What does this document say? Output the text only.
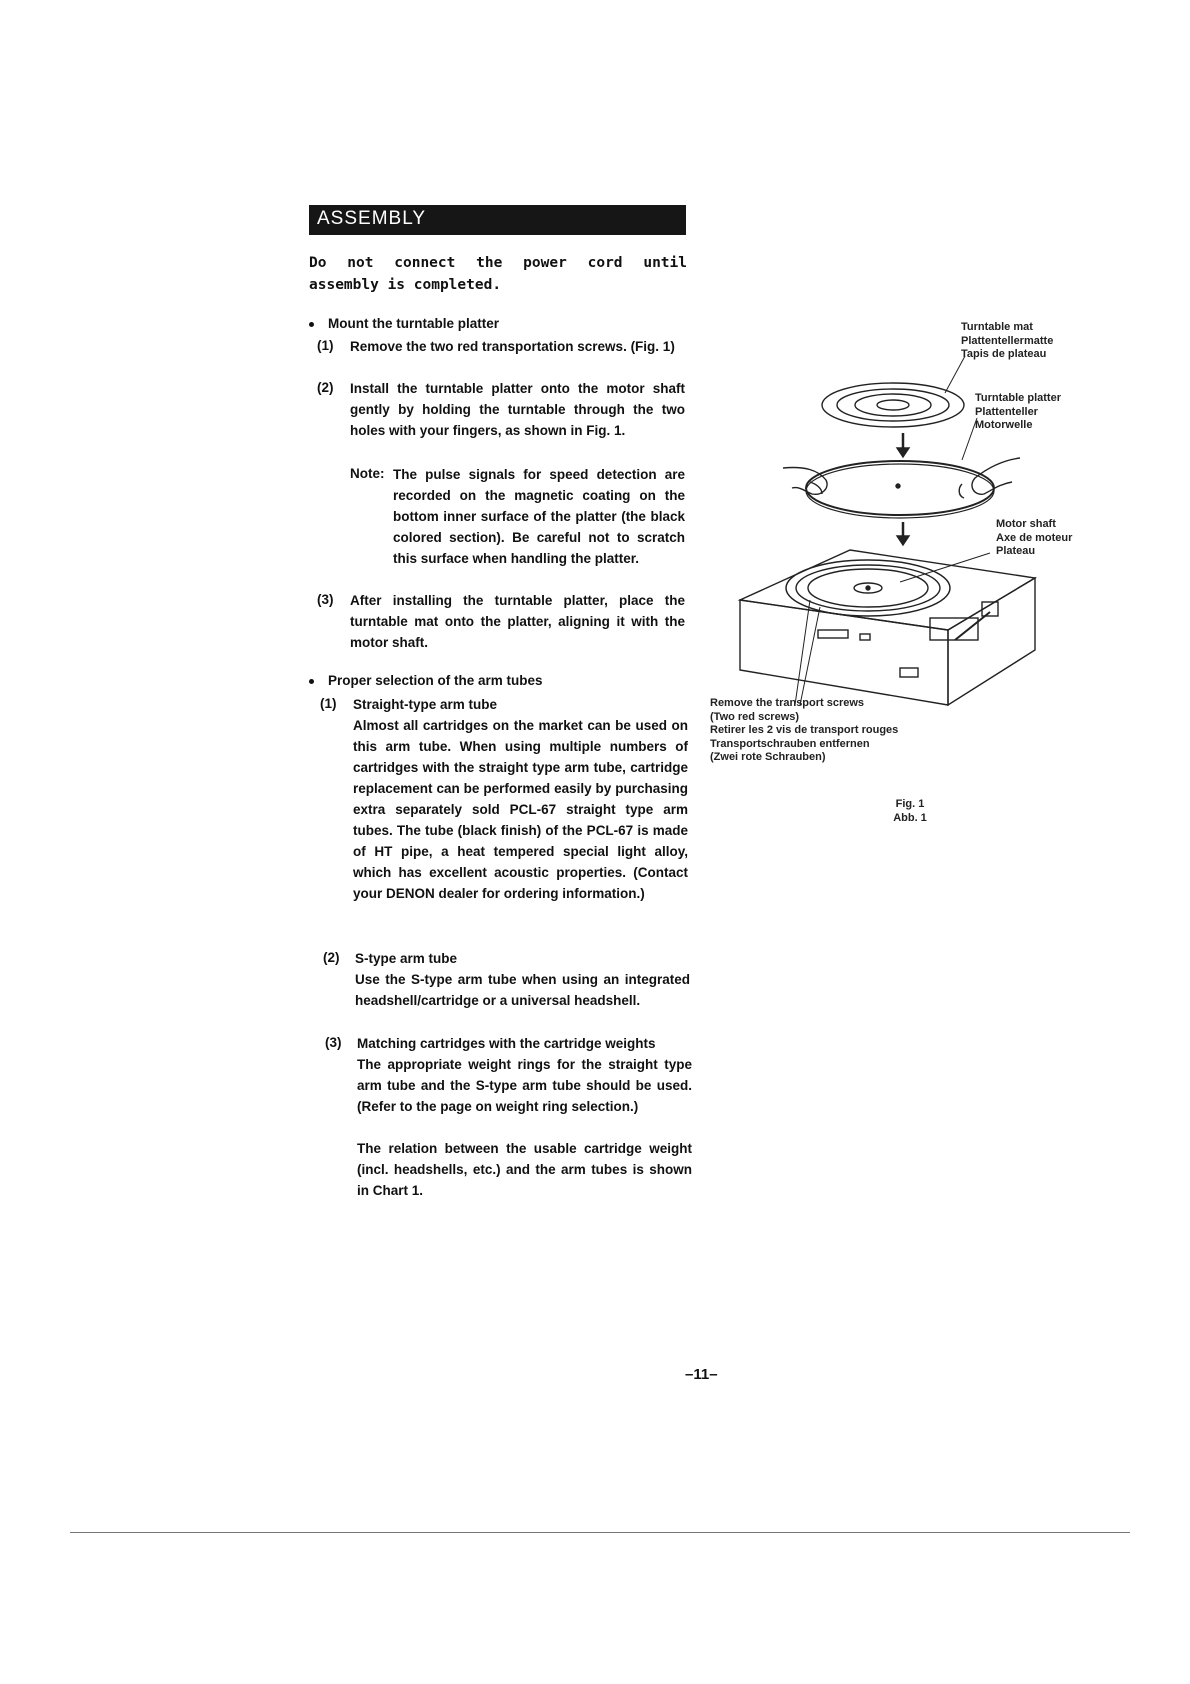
ASSEMBLY
Do not connect the power cord until assembly is completed.
Mount the turntable platter
(1) Remove the two red transportation screws. (Fig. 1)
(2) Install the turntable platter onto the motor shaft gently by holding the turntable through the two holes with your fingers, as shown in Fig. 1.
Note: The pulse signals for speed detection are recorded on the magnetic coating on the bottom inner surface of the platter (the black colored section). Be careful not to scratch this surface when handling the platter.
(3) After installing the turntable platter, place the turntable mat onto the platter, aligning it with the motor shaft.
Proper selection of the arm tubes
(1) Straight-type arm tube
Almost all cartridges on the market can be used on this arm tube. When using multiple numbers of cartridges with the straight type arm tube, cartridge replacement can be performed easily by purchasing extra separately sold PCL-67 straight type arm tubes. The tube (black finish) of the PCL-67 is made of HT pipe, a heat tempered special light alloy, which has excellent acoustic properties. (Contact your DENON dealer for ordering information.)
(2) S-type arm tube
Use the S-type arm tube when using an integrated headshell/cartridge or a universal headshell.
(3) Matching cartridges with the cartridge weights
The appropriate weight rings for the straight type arm tube and the S-type arm tube should be used. (Refer to the page on weight ring selection.)
The relation between the usable cartridge weight (incl. headshells, etc.) and the arm tubes is shown in Chart 1.
Turntable mat
Plattentellermatte
Tapis de plateau
Turntable platter
Plattenteller
Motorwelle
Motor shaft
Axe de moteur
Plateau
Remove the transport screws
(Two red screws)
Retirer les 2 vis de transport rouges
Transportschrauben entfernen
(Zwei rote Schrauben)
Fig. 1
Abb. 1
–11–
